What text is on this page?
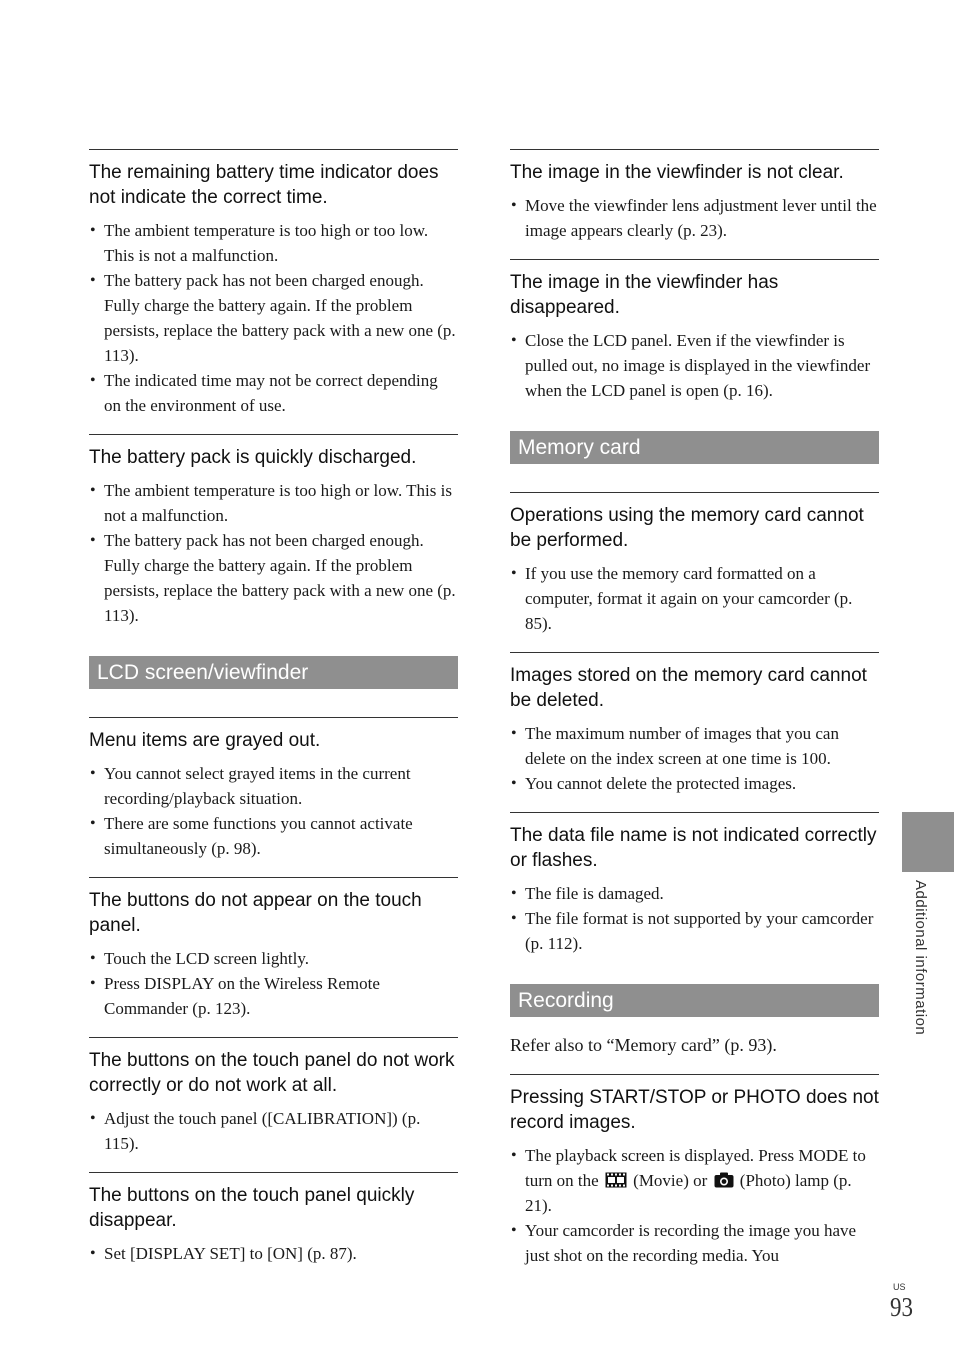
The remaining battery time indicator does not indicate the correct time.
• The ambient temperature is too high or too low. This is not a malfunction.
• The battery pack has not been charged enough. Fully charge the battery again. If the problem persists, replace the battery pack with a new one (p. 113).
• The indicated time may not be correct depending on the environment of use.
The battery pack is quickly discharged.
• The ambient temperature is too high or low. This is not a malfunction.
• The battery pack has not been charged enough. Fully charge the battery again. If the problem persists, replace the battery pack with a new one (p. 113).
LCD screen/viewfinder
Menu items are grayed out.
• You cannot select grayed items in the current recording/playback situation.
• There are some functions you cannot activate simultaneously (p. 98).
The buttons do not appear on the touch panel.
• Touch the LCD screen lightly.
• Press DISPLAY on the Wireless Remote Commander (p. 123).
The buttons on the touch panel do not work correctly or do not work at all.
• Adjust the touch panel ([CALIBRATION]) (p. 115).
The buttons on the touch panel quickly disappear.
• Set [DISPLAY SET] to [ON] (p. 87).
The image in the viewfinder is not clear.
• Move the viewfinder lens adjustment lever until the image appears clearly (p. 23).
The image in the viewfinder has disappeared.
• Close the LCD panel. Even if the viewfinder is pulled out, no image is displayed in the viewfinder when the LCD panel is open (p. 16).
Memory card
Operations using the memory card cannot be performed.
• If you use the memory card formatted on a computer, format it again on your camcorder (p. 85).
Images stored on the memory card cannot be deleted.
• The maximum number of images that you can delete on the index screen at one time is 100.
• You cannot delete the protected images.
The data file name is not indicated correctly or flashes.
• The file is damaged.
• The file format is not supported by your camcorder (p. 112).
Recording
Refer also to “Memory card” (p. 93).
Pressing START/STOP or PHOTO does not record images.
• The playback screen is displayed. Press MODE to turn on the (Movie) or (Photo) lamp (p. 21).
• Your camcorder is recording the image you have just shot on the recording media. You
Additional information
US
93
